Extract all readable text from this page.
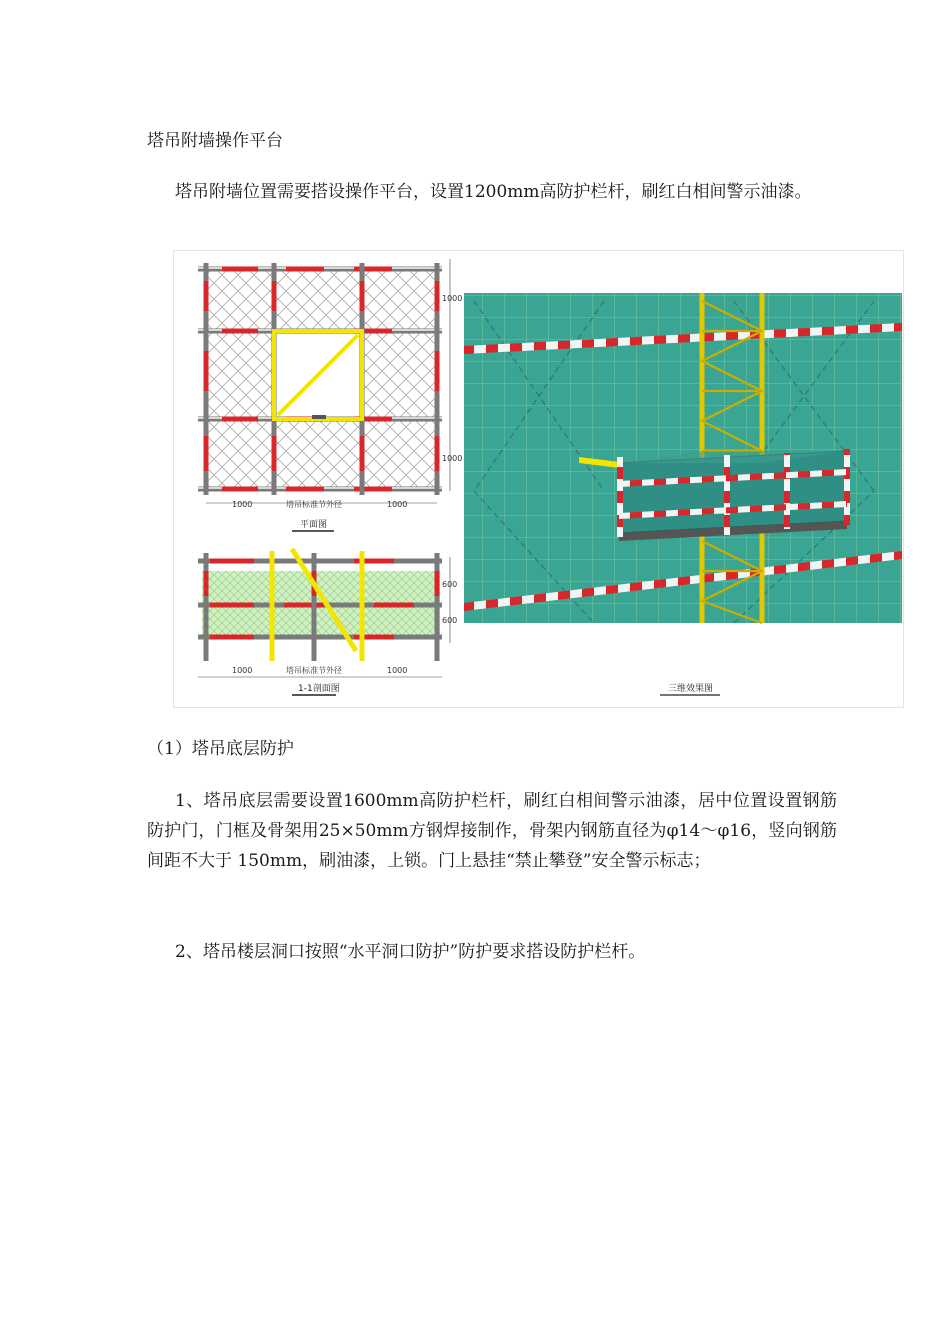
塔吊附墙操作平台
塔吊附墙位置需要搭设操作平台，设置1200mm高防护栏杆，刷红白相间警示油漆。
1000	塔吊标准节外径	1000
1000
1000
平面图
600
600
1000	塔吊标准节外径	1000
1-1剖面图	三维效果图
（1）塔吊底层防护
1、塔吊底层需要设置1600mm高防护栏杆，刷红白相间警示油漆，居中位置设置钢筋防护门，门框及骨架用25×50mm方钢焊接制作，骨架内钢筋直径为φ14～φ16，竖向钢筋间距不大于 150mm，刷油漆，上锁。门上悬挂“禁止攀登”安全警示标志；
2、塔吊楼层洞口按照“水平洞口防护”防护要求搭设防护栏杆。
